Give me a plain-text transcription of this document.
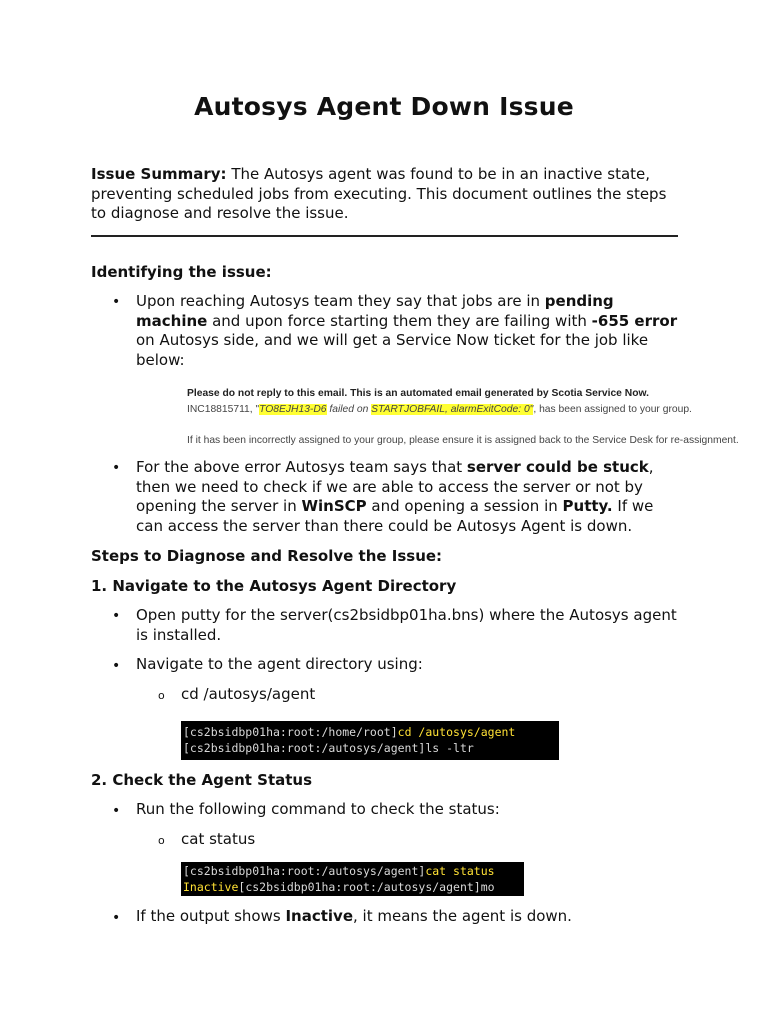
Autosys Agent Down Issue

Issue Summary: The Autosys agent was found to be in an inactive state, preventing scheduled jobs from executing. This document outlines the steps to diagnose and resolve the issue.

Identifying the issue:
• Upon reaching Autosys team they say that jobs are in pending machine and upon force starting them they are failing with -655 error on Autosys side, and we will get a Service Now ticket for the job like below:

Please do not reply to this email. This is an automated email generated by Scotia Service Now.
INC18815711, "TO8EJH13-D6 failed on STARTJOBFAIL, alarmExitCode: 0", has been assigned to your group.
If it has been incorrectly assigned to your group, please ensure it is assigned back to the Service Desk for re-assignment.
• For the above error Autosys team says that server could be stuck, then we need to check if we are able to access the server or not by opening the server in WinSCP and opening a session in Putty. If we can access the server than there could be Autosys Agent is down.

Steps to Diagnose and Resolve the Issue:
1. Navigate to the Autosys Agent Directory
• Open putty for the server(cs2bsidbp01ha.bns) where the Autosys agent is installed.

• Navigate to the agent directory using:

o cd /autosys/agent

[cs2bsidbp01ha:root:/home/root]cd /autosys/agent
[cs2bsidbp01ha:root:/autosys/agent]ls -ltr
2. Check the Agent Status
• Run the following command to check the status:

o cat status

[cs2bsidbp01ha:root:/autosys/agent]cat status
Inactive[cs2bsidbp01ha:root:/autosys/agent]mo
• If the output shows Inactive, it means the agent is down.
